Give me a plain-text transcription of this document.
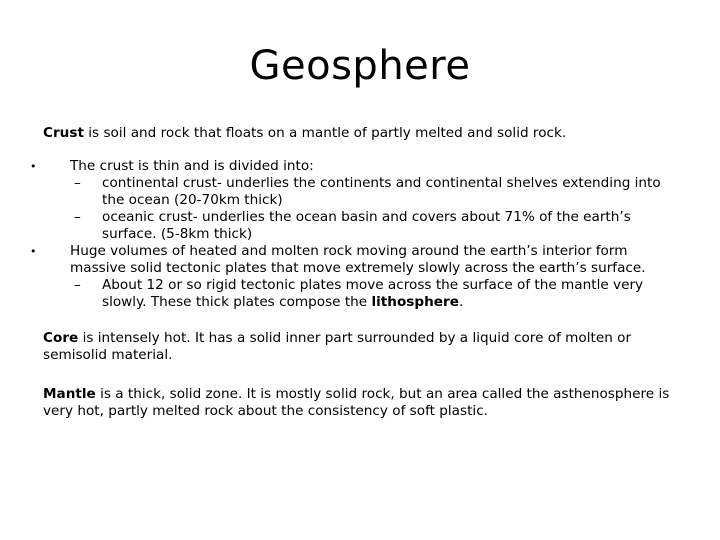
Geosphere

Crust is soil and rock that floats on a mantle of partly melted and solid rock.

• The crust is thin and is divided into:
– continental crust- underlies the continents and continental shelves extending into the ocean (20-70km thick)
– oceanic crust- underlies the ocean basin and covers about 71% of the earth’s surface. (5-8km thick)
• Huge volumes of heated and molten rock moving around the earth’s interior form massive solid tectonic plates that move extremely slowly across the earth’s surface.
– About 12 or so rigid tectonic plates move across the surface of the mantle very slowly. These thick plates compose the lithosphere.

Core is intensely hot. It has a solid inner part surrounded by a liquid core of molten or semisolid material.

Mantle is a thick, solid zone. It is mostly solid rock, but an area called the asthenosphere is very hot, partly melted rock about the consistency of soft plastic.
